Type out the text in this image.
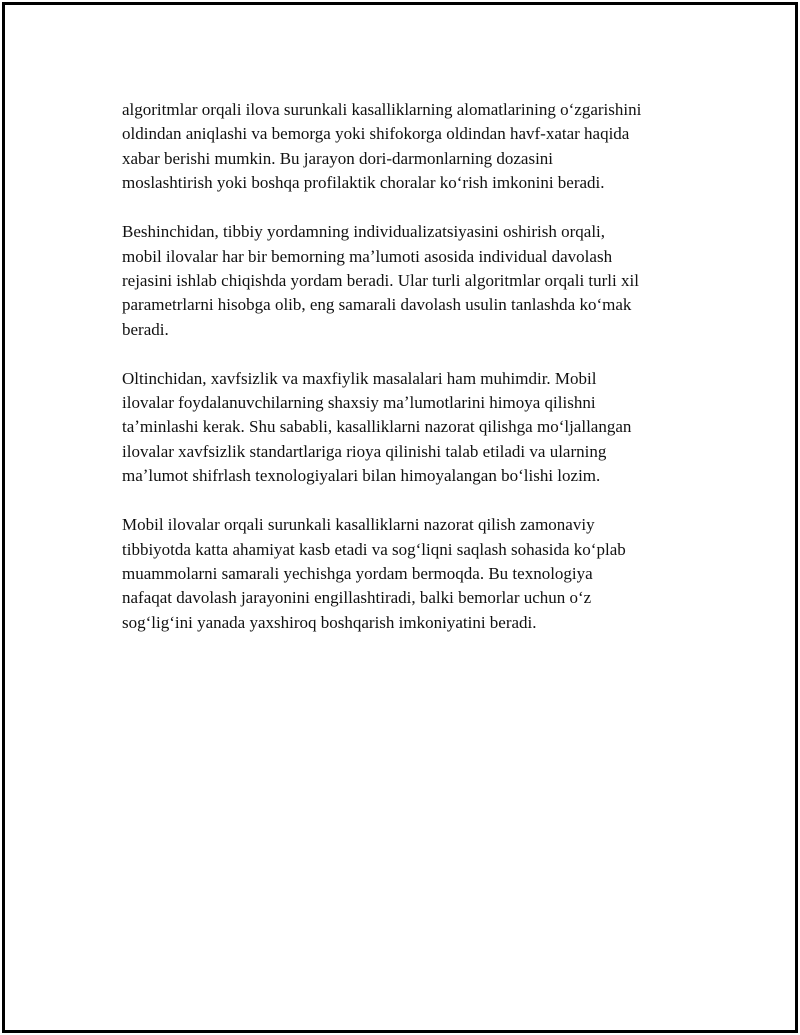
algoritmlar orqali ilova surunkali kasalliklarning alomatlarining oʻzgarishini
oldindan aniqlashi va bemorga yoki shifokorga oldindan havf-xatar haqida
xabar berishi mumkin. Bu jarayon dori-darmonlarning dozasini
moslashtirish yoki boshqa profilaktik choralar koʻrish imkonini beradi.

Beshinchidan, tibbiy yordamning individualizatsiyasini oshirish orqali,
mobil ilovalar har bir bemorning maʼlumoti asosida individual davolash
rejasini ishlab chiqishda yordam beradi. Ular turli algoritmlar orqali turli xil
parametrlarni hisobga olib, eng samarali davolash usulin tanlashda koʻmak
beradi.

Oltinchidan, xavfsizlik va maxfiylik masalalari ham muhimdir. Mobil
ilovalar foydalanuvchilarning shaxsiy maʼlumotlarini himoya qilishni
taʼminlashi kerak. Shu sababli, kasalliklarni nazorat qilishga moʻljallangan
ilovalar xavfsizlik standartlariga rioya qilinishi talab etiladi va ularning
maʼlumot shifrlash texnologiyalari bilan himoyalangan boʻlishi lozim.

Mobil ilovalar orqali surunkali kasalliklarni nazorat qilish zamonaviy
tibbiyotda katta ahamiyat kasb etadi va sogʻliqni saqlash sohasida koʻplab
muammolarni samarali yechishga yordam bermoqda. Bu texnologiya
nafaqat davolash jarayonini engillashtiradi, balki bemorlar uchun oʻz
sogʻligʻini yanada yaxshiroq boshqarish imkoniyatini beradi.
